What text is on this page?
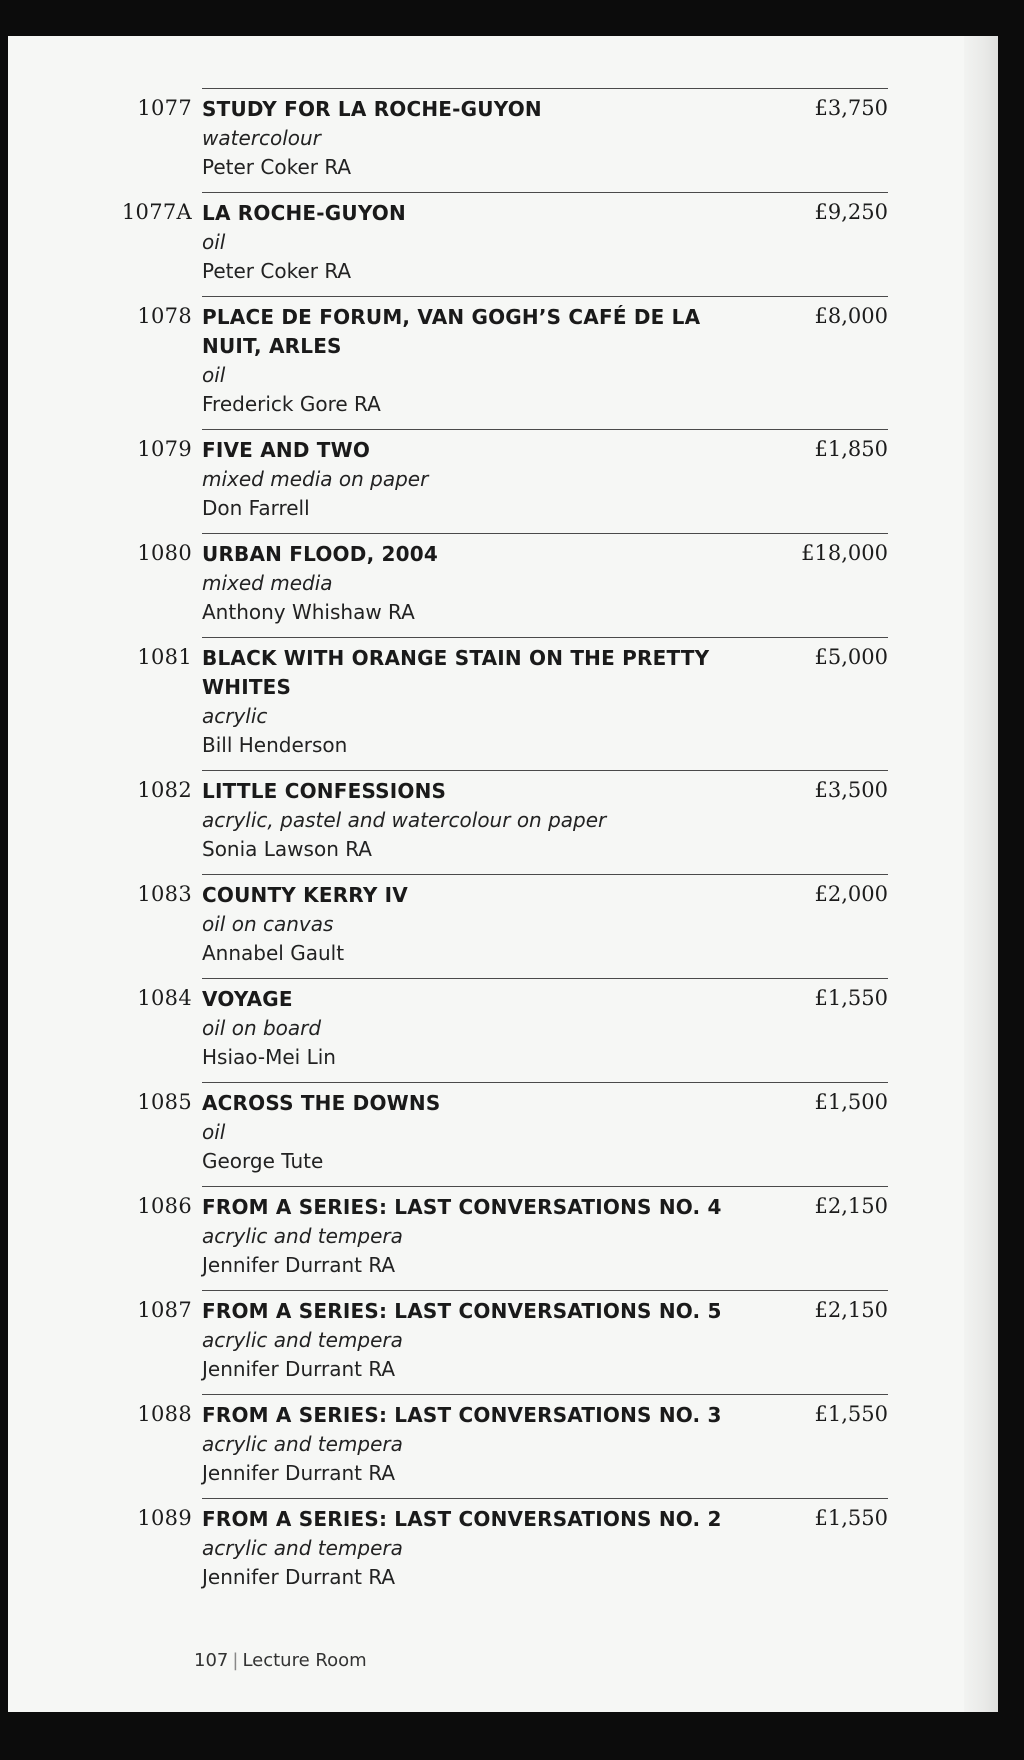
1077 STUDY FOR LA ROCHE-GUYON
watercolour
Peter Coker RA
£3,750
1077A LA ROCHE-GUYON
oil
Peter Coker RA
£9,250
1078 PLACE DE FORUM, VAN GOGH’S CAFÉ DE LA NUIT, ARLES
oil
Frederick Gore RA
£8,000
1079 FIVE AND TWO
mixed media on paper
Don Farrell
£1,850
1080 URBAN FLOOD, 2004
mixed media
Anthony Whishaw RA
£18,000
1081 BLACK WITH ORANGE STAIN ON THE PRETTY WHITES
acrylic
Bill Henderson
£5,000
1082 LITTLE CONFESSIONS
acrylic, pastel and watercolour on paper
Sonia Lawson RA
£3,500
1083 COUNTY KERRY IV
oil on canvas
Annabel Gault
£2,000
1084 VOYAGE
oil on board
Hsiao-Mei Lin
£1,550
1085 ACROSS THE DOWNS
oil
George Tute
£1,500
1086 FROM A SERIES: LAST CONVERSATIONS NO. 4
acrylic and tempera
Jennifer Durrant RA
£2,150
1087 FROM A SERIES: LAST CONVERSATIONS NO. 5
acrylic and tempera
Jennifer Durrant RA
£2,150
1088 FROM A SERIES: LAST CONVERSATIONS NO. 3
acrylic and tempera
Jennifer Durrant RA
£1,550
1089 FROM A SERIES: LAST CONVERSATIONS NO. 2
acrylic and tempera
Jennifer Durrant RA
£1,550
107 | Lecture Room
